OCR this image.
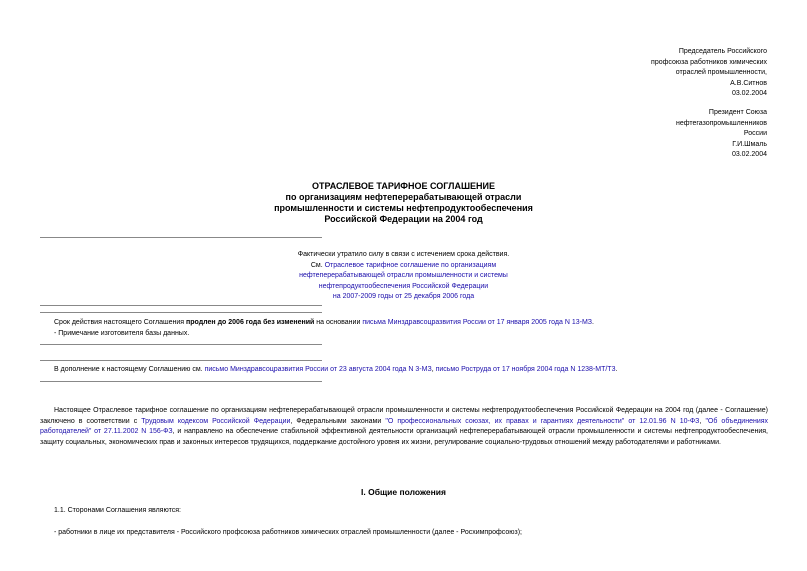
Председатель Российского
профсоюза работников химических
отраслей промышленности,
А.В.Ситнов
03.02.2004
Президент Союза
нефтегазопромышленников
России
Г.И.Шмаль
03.02.2004
ОТРАСЛЕВОЕ ТАРИФНОЕ СОГЛАШЕНИЕ
по организациям нефтеперерабатывающей отрасли
промышленности и системы нефтепродуктообеспечения
Российской Федерации на 2004 год
Фактически утратило силу в связи с истечением срока действия.
См. Отраслевое тарифное соглашение по организациям
нефтеперерабатывающей отрасли промышленности и системы
нефтепродуктообеспечения Российской Федерации
на 2007-2009 годы от 25 декабря 2006 года
Срок действия настоящего Соглашения продлен до 2006 года без изменений на основании письма Минздравсоцразвития России от 17 января 2005 года N 13-МЗ.
- Примечание изготовителя базы данных.
В дополнение к настоящему Соглашению см. письмо Минздравсоцразвития России от 23 августа 2004 года N 3-МЗ, письмо Роструда от 17 ноября 2004 года N 1238-МТ/Т3.
Настоящее Отраслевое тарифное соглашение по организациям нефтеперерабатывающей отрасли промышленности и системы нефтепродуктообеспечения Российской Федерации на 2004 год (далее - Соглашение) заключено в соответствии с Трудовым кодексом Российской Федерации, Федеральными законами "О профессиональных союзах, их правах и гарантиях деятельности" от 12.01.96 N 10-ФЗ, "Об объединениях работодателей" от 27.11.2002 N 156-ФЗ, и направлено на обеспечение стабильной эффективной деятельности организаций нефтеперерабатывающей отрасли промышленности и системы нефтепродуктообеспечения, защиту социальных, экономических прав и законных интересов трудящихся, поддержание достойного уровня их жизни, регулирование социально-трудовых отношений между работодателями и работниками.
I. Общие положения
1.1. Сторонами Соглашения являются:
- работники в лице их представителя - Российского профсоюза работников химических отраслей промышленности (далее - Росхимпрофсоюз);
